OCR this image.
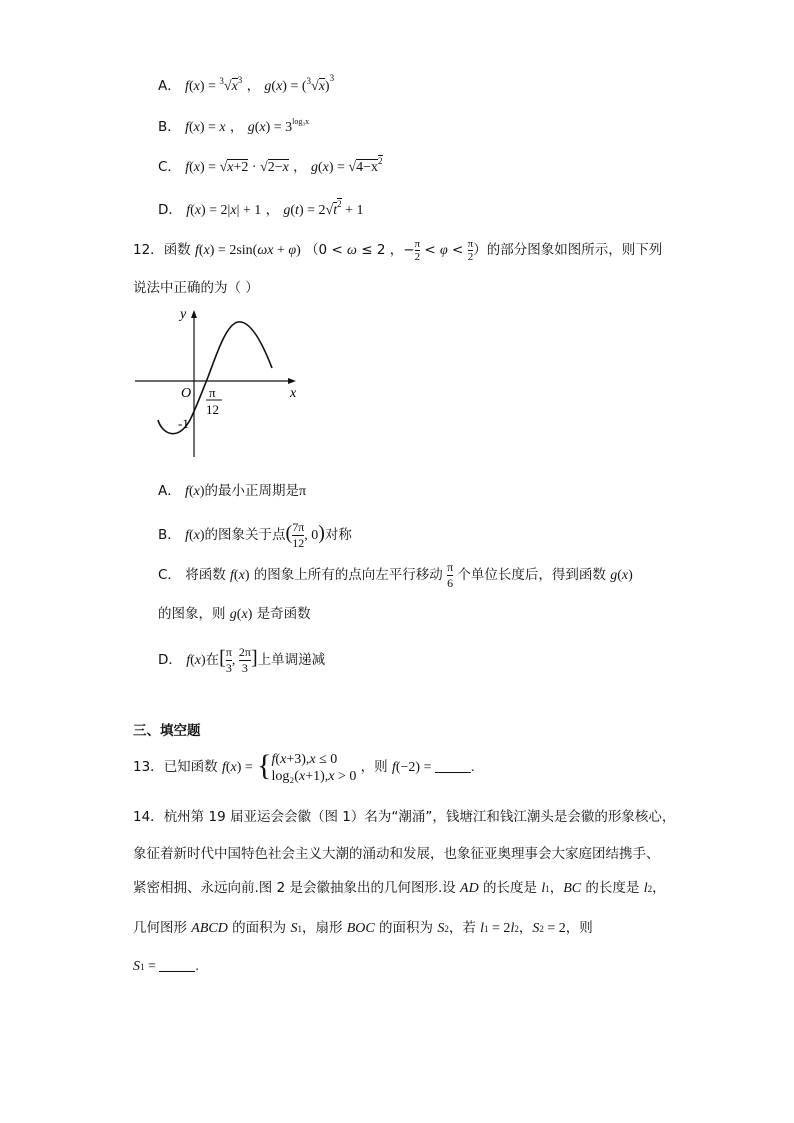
A． $f(x) = ^3√x^3$ ， $g(x) = (^3√x)^3$
B． f(x) = x ， $g(x) = 3^{log_3x}$
C． f(x) = √x+2 · √2−x ， $g(x) = √4-x^2$
D． f(x) = 2|x| + 1 ， $g(t) = 2√t^2 + 1$
12．函数 f(x) = 2sin(ωx + φ) （0 < ω ≤ 2 ，− $\frac{\pi}{2} < \varphi < \frac{\pi}{2}$ ）的部分图象如图所示，则下列
说法中正确的为（ ）
y
x
O
-1
π
12
A． f(x)的最小正周期是π
B． f(x)的图象关于点( $\frac{7\pi}{12}$ , 0)对称
C． 将函数 f(x) 的图象上所有的点向左平行移动 $\frac{\pi}{6}$ 个单位长度后，得到函数 g(x)
的图象，则 g(x) 是奇函数
D． f(x)在[ $\frac{\pi}{3}$ , $\frac{2\pi}{3}$ ]上单调递减
三、填空题
13．已知函数 f(x) = { f(x+3),x ≤ 0
log₂(x+1),x > 0
，则 f(−2) =	.
14．杭州第 19 届亚运会会徽（图 1）名为“潮涌”，钱塘江和钱江潮头是会徽的形象核心，
象征着新时代中国特色社会主义大潮的涌动和发展，也象征亚奥理事会大家庭团结携手、
紧密相拥、永远向前.图 2 是会徽抽象出的几何图形.设 AD 的长度是 l1，BC 的长度是 l2，
几何图形 ABCD 的面积为 S1，扇形 BOC 的面积为 S2，若 l1 = 2l2，S2 = 2，则
S1 =	.
